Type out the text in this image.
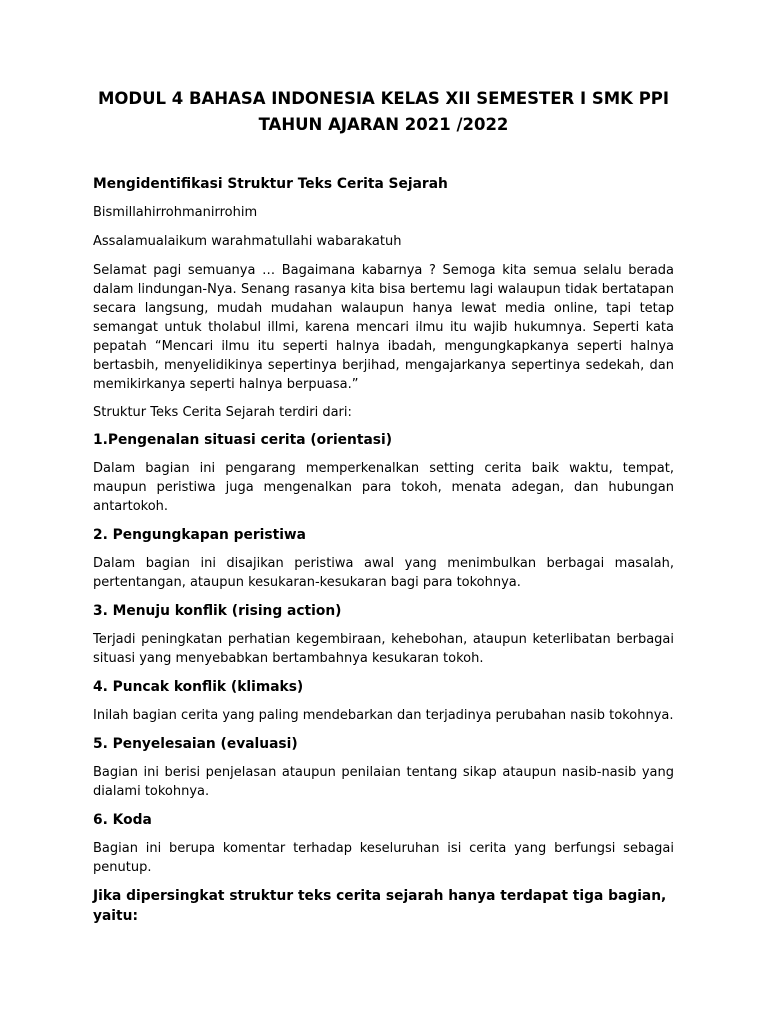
MODUL 4 BAHASA INDONESIA KELAS XII SEMESTER I SMK PPI
TAHUN AJARAN 2021 /2022

Mengidentifikasi Struktur Teks Cerita Sejarah

Bismillahirrohmanirrohim

Assalamualaikum warahmatullahi wabarakatuh

Selamat pagi semuanya … Bagaimana kabarnya ? Semoga kita semua selalu berada dalam lindungan-Nya. Senang rasanya kita bisa bertemu lagi walaupun tidak bertatapan secara langsung, mudah mudahan walaupun hanya lewat media online, tapi tetap semangat untuk tholabul illmi, karena mencari ilmu itu wajib hukumnya. Seperti kata pepatah “Mencari ilmu itu seperti halnya ibadah, mengungkapkanya seperti halnya bertasbih, menyelidikinya sepertinya berjihad, mengajarkanya sepertinya sedekah, dan memikirkanya seperti halnya berpuasa.”

Struktur Teks Cerita Sejarah terdiri dari:

1.Pengenalan situasi cerita (orientasi)

Dalam bagian ini pengarang memperkenalkan setting cerita baik waktu, tempat, maupun peristiwa juga mengenalkan para tokoh, menata adegan, dan hubungan antartokoh.

2. Pengungkapan peristiwa

Dalam bagian ini disajikan peristiwa awal yang menimbulkan berbagai masalah, pertentangan, ataupun kesukaran-kesukaran bagi para tokohnya.

3. Menuju konflik (rising action)

Terjadi peningkatan perhatian kegembiraan, kehebohan, ataupun keterlibatan berbagai situasi yang menyebabkan bertambahnya kesukaran tokoh.

4. Puncak konflik (klimaks)

Inilah bagian cerita yang paling mendebarkan dan terjadinya perubahan nasib tokohnya.

5. Penyelesaian (evaluasi)

Bagian ini berisi penjelasan ataupun penilaian tentang sikap ataupun nasib-nasib yang dialami tokohnya.

6. Koda

Bagian ini berupa komentar terhadap keseluruhan isi cerita yang berfungsi sebagai penutup.

Jika dipersingkat struktur teks cerita sejarah hanya terdapat tiga bagian, yaitu:
